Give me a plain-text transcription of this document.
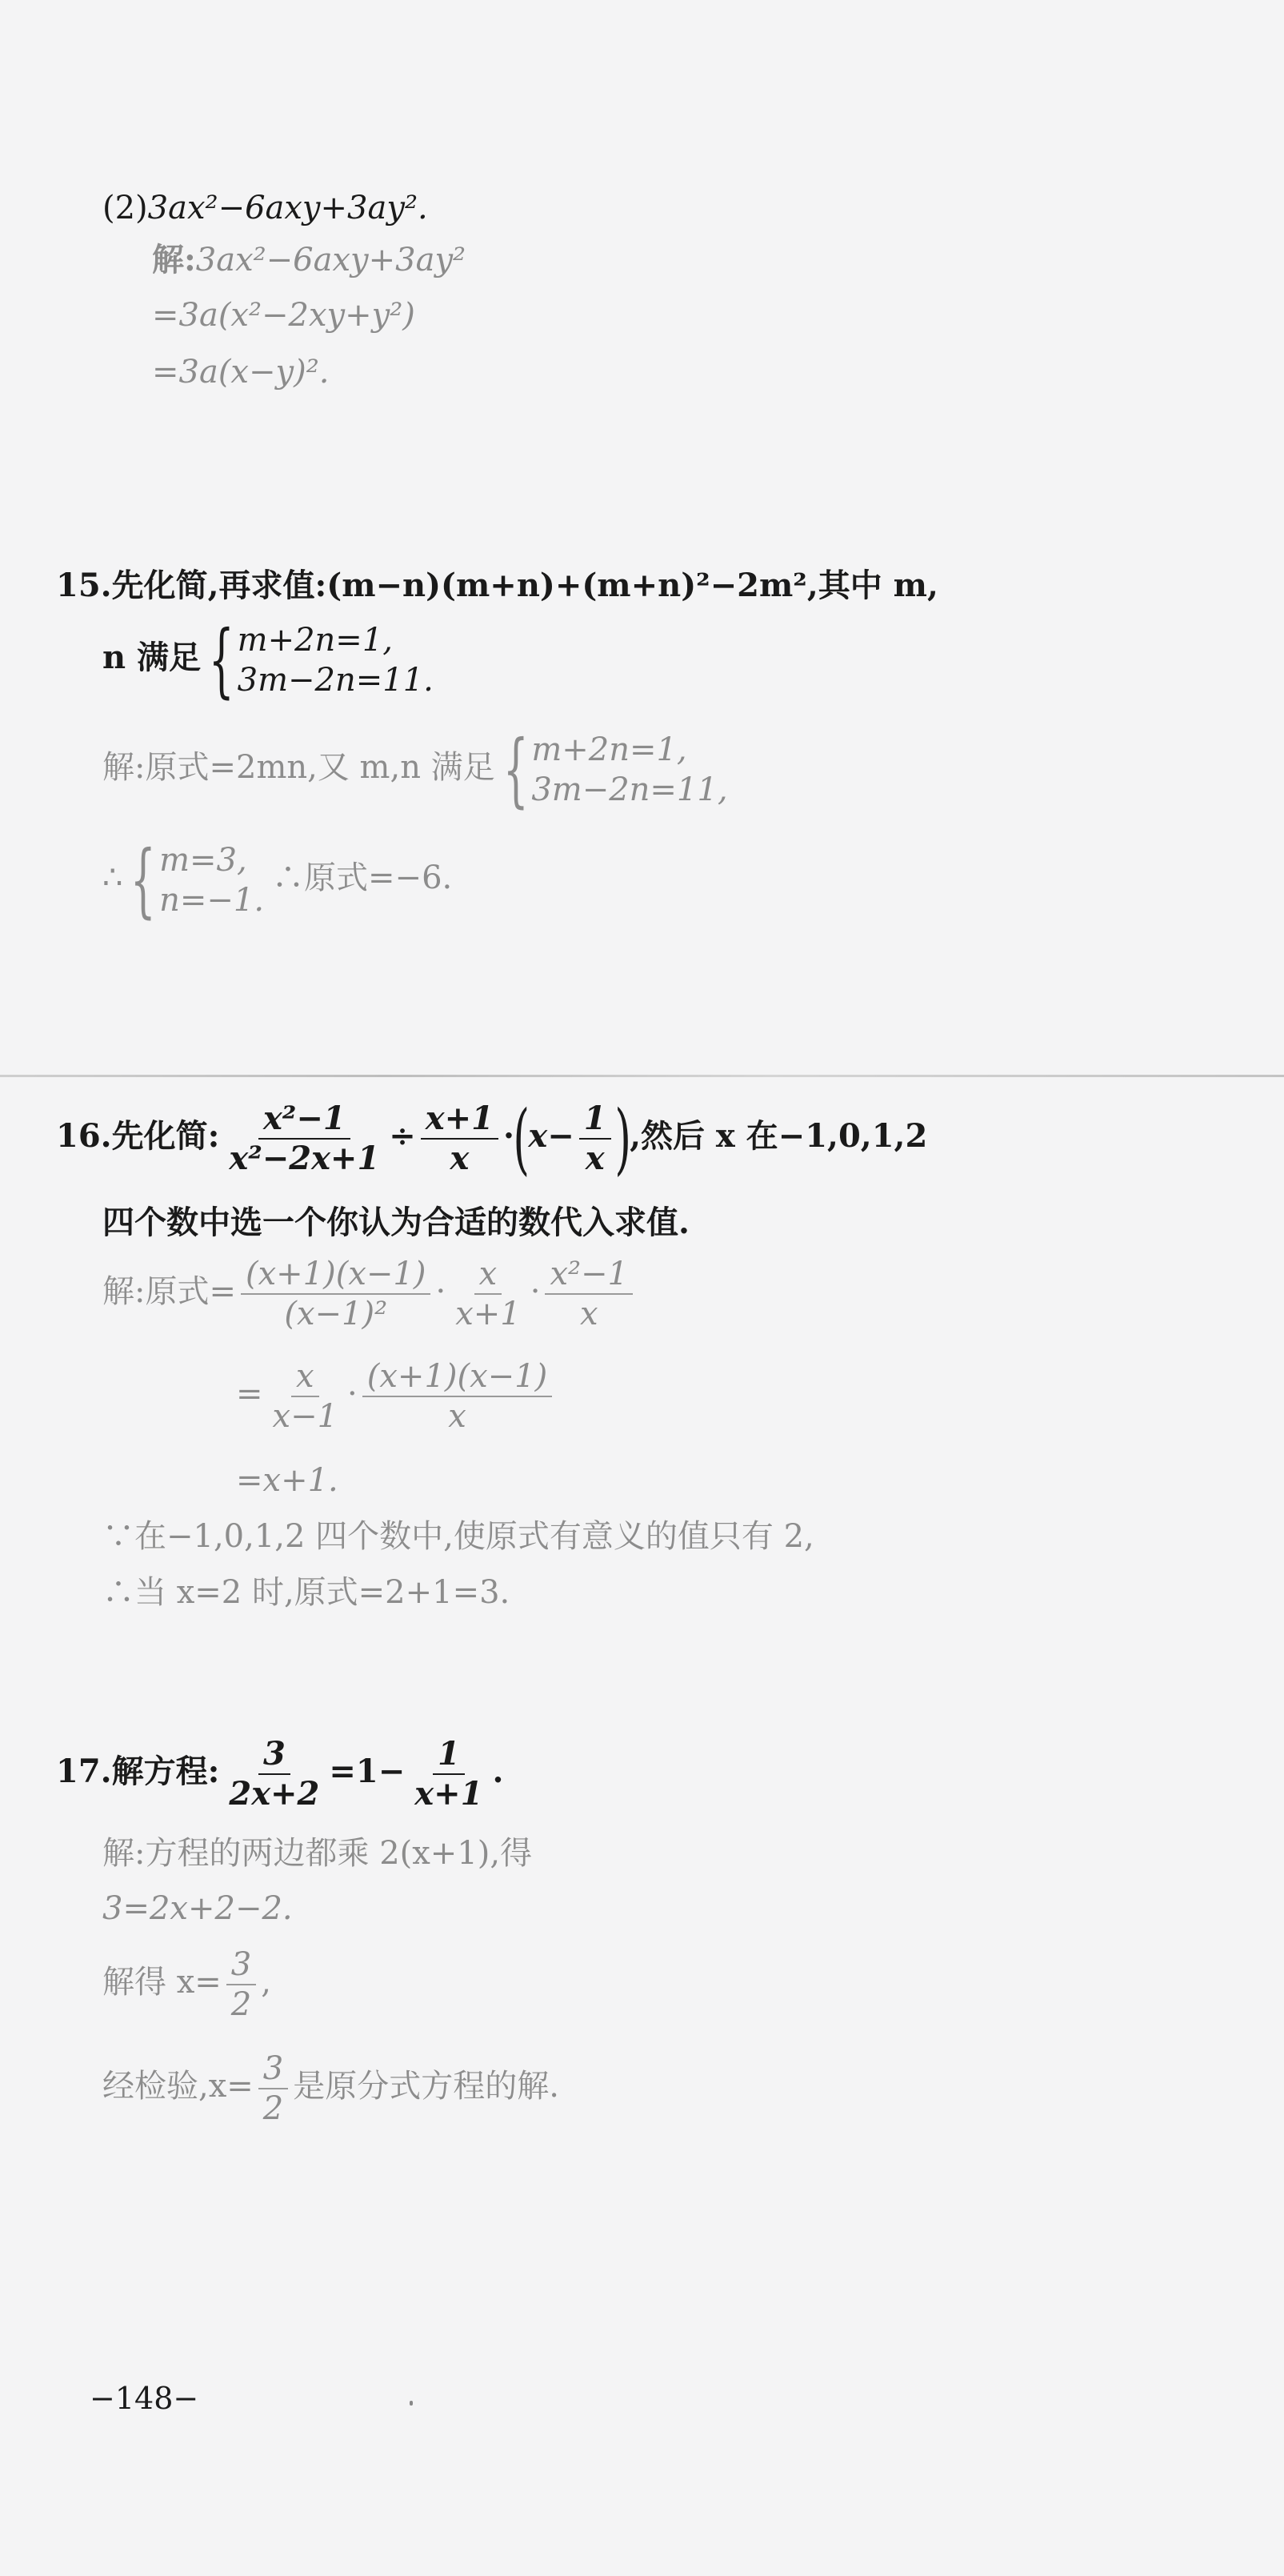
(2)3ax²−6axy+3ay².
解:3ax²−6axy+3ay²
=3a(x²−2xy+y²)
=3a(x−y)².
15.先化简,再求值:(m−n)(m+n)+(m+n)²−2m²,其中 m,
n 满足{ m+2n=1,
3m−2n=11.
解:原式=2mn,又 m,n 满足{ m+2n=1,
3m−2n=11,
∴{ m=3,
n=−1.
∴原式=−6.
16.先化简: $\frac{\text{x²−1}}{\text{x²−2x+1}} \div \frac{x+1}{x} \cdot(x- \frac{1}{x}$ ),然后 x 在−1,0,1,2
四个数中选一个你认为合适的数代入求值.
解:原式= $\frac{(x+1)(x-1)}{\text{(x−1)²}} \cdot \frac{x}{x+1} \cdot \frac{\text{x²−1}}{x}$
= $\frac{x}{x-1} \cdot \frac{(x+1)(x-1)}{x}$
=x+1.
∵在−1,0,1,2 四个数中,使原式有意义的值只有 2,
∴当 x=2 时,原式=2+1=3.
17.解方程: $\frac{3}{2x+2} =1- \frac{1}{x+1}$ .
解:方程的两边都乘 2(x+1),得
3=2x+2−2.
解得 $x= \frac{3}{2}$ ,
经检验$,x= \frac{3}{2}$ 是原分式方程的解.
−148−
